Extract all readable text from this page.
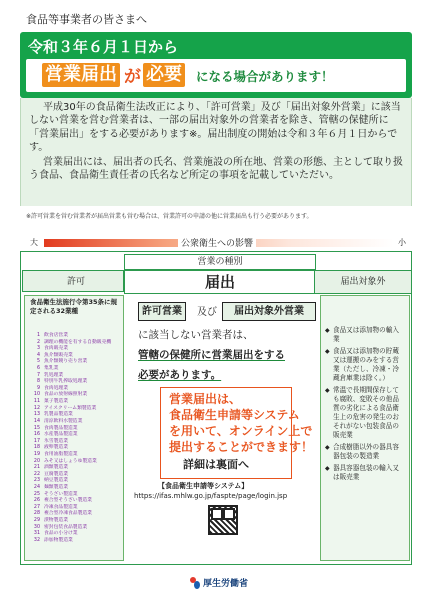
食品等事業者の皆さまへ
令和３年６月１日から
営業届出 が 必要 になる場合があります！

平成30年の食品衛生法改正により、「許可営業」及び「届出対象外営業」に該当しない営業を営む営業者は、一部の届出対象外の営業者を除き、管轄の保健所に「営業届出」をする必要があります※。届出制度の開始は令和３年６月１日からです。

営業届出には、届出者の氏名、営業施設の所在地、営業の形態、主として取り扱う食品、食品衛生責任者の氏名など所定の事項を記載していただい。

※許可営業を営む営業者が届出営業も営む場合は、営業許可の申請の他に営業届出も行う必要があります。
大	公衆衛生への影響	小
営業の種別
許可	届出	届出対象外
食品衛生法施行令第35条に規定される32業種
1 飲食店営業
2 調理の機能を有する自動販売機
3 食肉販売業
4 魚介類販売業
5 魚介類競り売り営業
6 集乳業
7 乳処理業
8 特別牛乳搾取処理業
9 食肉処理業
10 食品の放射線照射業
11 菓子製造業
12 アイスクリーム類製造業
13 乳製品製造業
14 清涼飲料水製造業
15 食肉製品製造業
16 水産製品製造業
17 氷雪製造業
18 液卵製造業
19 食用油脂製造業
20 みそ又はしょうゆ製造業
21 酒類製造業
22 豆腐製造業
23 納豆製造業
24 麺類製造業
25 そうざい製造業
26 複合型そうざい製造業
27 冷凍食品製造業
28 複合型冷凍食品製造業
29 漬物製造業
30 密封包装食品製造業
31 食品の小分け業
32 添加物製造業
許可営業	及び	届出対象外営業
に該当しない営業者は、
管轄の保健所に営業届出をする
必要があります。
営業届出は、
食品衛生申請等システム
を用いて、オンライン上で
提出することができます！
詳細は裏面へ
【食品衛生申請等システム】
https://ifas.mhlw.go.jp/faspte/page/login.jsp
◆ 食品又は添加物の輸入業
◆ 食品又は添加物の貯蔵又は運搬のみをする営業（ただし、冷凍・冷蔵倉庫業は除く。）
◆ 常温で長期間保存しても腐敗、変敗その他品質の劣化による食品衛生上の危害の発生のおそれがない包装食品の販売業
◆ 合成樹脂以外の器具容器包装の製造業
◆ 器具容器包装の輸入又は販売業
厚生労働省
